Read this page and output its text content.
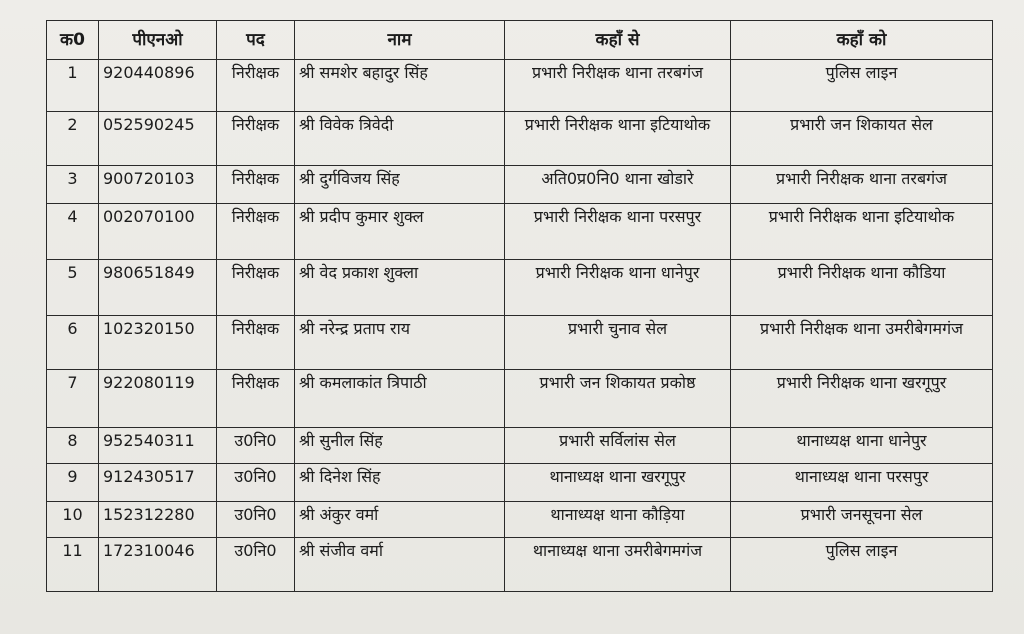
क0	पीएनओ	पद	नाम	कहाँ से	कहाँ को
1	920440896	निरीक्षक	श्री समशेर बहादुर सिंह	प्रभारी निरीक्षक थाना तरबगंज	पुलिस लाइन
2	052590245	निरीक्षक	श्री विवेक त्रिवेदी	प्रभारी निरीक्षक थाना इटियाथोक	प्रभारी जन शिकायत सेल
3	900720103	निरीक्षक	श्री दुर्गविजय सिंह	अति0प्र0नि0 थाना खोडारे	प्रभारी निरीक्षक थाना तरबगंज
4	002070100	निरीक्षक	श्री प्रदीप कुमार शुक्ल	प्रभारी निरीक्षक थाना परसपुर	प्रभारी निरीक्षक थाना इटियाथोक
5	980651849	निरीक्षक	श्री वेद प्रकाश शुक्ला	प्रभारी निरीक्षक थाना धानेपुर	प्रभारी निरीक्षक थाना कौडिया
6	102320150	निरीक्षक	श्री नरेन्द्र प्रताप राय	प्रभारी चुनाव सेल	प्रभारी निरीक्षक थाना उमरीबेगमगंज
7	922080119	निरीक्षक	श्री कमलाकांत त्रिपाठी	प्रभारी जन शिकायत प्रकोष्ठ	प्रभारी निरीक्षक थाना खरगूपुर
8	952540311	उ0नि0	श्री सुनील सिंह	प्रभारी सर्विलांस सेल	थानाध्यक्ष थाना धानेपुर
9	912430517	उ0नि0	श्री दिनेश सिंह	थानाध्यक्ष थाना खरगूपुर	थानाध्यक्ष थाना परसपुर
10	152312280	उ0नि0	श्री अंकुर वर्मा	थानाध्यक्ष थाना कौड़िया	प्रभारी जनसूचना सेल
11	172310046	उ0नि0	श्री संजीव वर्मा	थानाध्यक्ष थाना उमरीबेगमगंज	पुलिस लाइन
